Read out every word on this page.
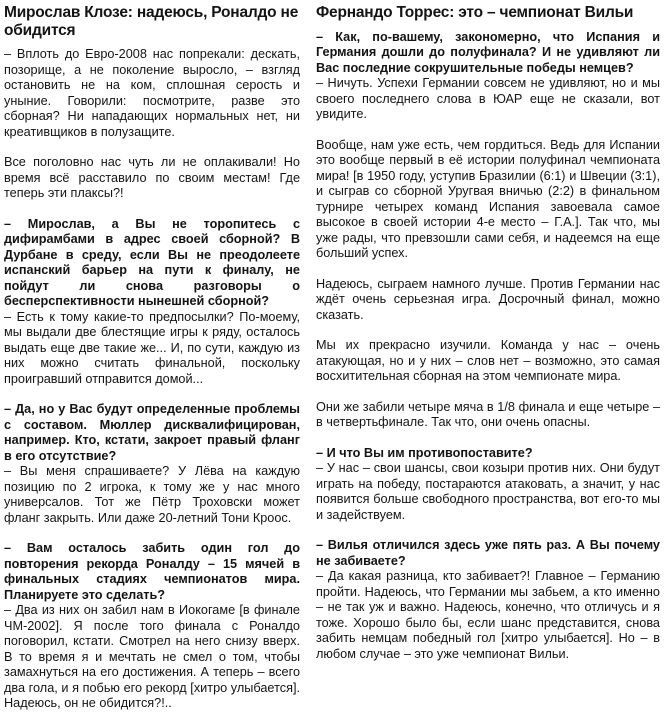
Мирослав Клозе: надеюсь, Роналдо не обидится

– Вплоть до Евро-2008 нас попрекали: дескать, позорище, а не поколение выросло, – взгляд остановить не на ком, сплошная серость и уныние. Говорили: посмотрите, разве это сборная? Ни нападающих нормальных нет, ни креативщиков в полузащите.

Все поголовно нас чуть ли не оплакивали! Но время всё расставило по своим местам! Где теперь эти плаксы?!

– Мирослав, а Вы не торопитесь с дифирамбами в адрес своей сборной? В Дурбане в среду, если Вы не преодолеете испанский барьер на пути к финалу, не пойдут ли снова разговоры о бесперспективности нынешней сборной?

– Есть к тому какие-то предпосылки? По-моему, мы выдали две блестящие игры к ряду, осталось выдать еще две такие же... И, по сути, каждую из них можно считать финальной, поскольку проигравший отправится домой...

– Да, но у Вас будут определенные проблемы с составом. Мюллер дисквалифицирован, например. Кто, кстати, закроет правый фланг в его отсутствие?

– Вы меня спрашиваете? У Лёва на каждую позицию по 2 игрока, к тому же у нас много универсалов. Тот же Пётр Троховски может фланг закрыть. Или даже 20-летний Тони Кроос.

– Вам осталось забить один гол до повторения рекорда Роналду – 15 мячей в финальных стадиях чемпионатов мира. Планируете это сделать?

– Два из них он забил нам в Иокогаме [в финале ЧМ-2002]. Я после того финала с Роналдо поговорил, кстати. Смотрел на него снизу вверх. В то время я и мечтать не смел о том, чтобы замахнуться на его достижения. А теперь – всего два гола, и я побью его рекорд [хитро улыбается]. Надеюсь, он не обидится?!..

Фернандо Торрес: это – чемпионат Вильи

– Как, по-вашему, закономерно, что Испания и Германия дошли до полуфинала? И не удивляют ли Вас последние сокрушительные победы немцев?

– Ничуть. Успехи Германии совсем не удивляют, но и мы своего последнего слова в ЮАР еще не сказали, вот увидите.

Вообще, нам уже есть, чем гордиться. Ведь для Испании это вообще первый в её истории полуфинал чемпионата мира! [в 1950 году, уступив Бразилии (6:1) и Швеции (3:1), и сыграв со сборной Уругвая вничью (2:2) в финальном турнире четырех команд Испания завоевала самое высокое в своей истории 4-е место – Г.А.]. Так что, мы уже рады, что превзошли сами себя, и надеемся на еще больший успех.

Надеюсь, сыграем намного лучше. Против Германии нас ждёт очень серьезная игра. Досрочный финал, можно сказать.

Мы их прекрасно изучили. Команда у нас – очень атакующая, но и у них – слов нет – возможно, это самая восхитительная сборная на этом чемпионате мира.

Они же забили четыре мяча в 1/8 финала и еще четыре – в четвертьфинале. Так что, они очень опасны.

– И что Вы им противопоставите?

– У нас – свои шансы, свои козыри против них. Они будут играть на победу, постараются атаковать, а значит, у нас появится больше свободного пространства, вот его-то мы и задействуем.

– Вилья отличился здесь уже пять раз. А Вы почему не забиваете?

– Да какая разница, кто забивает?! Главное – Германию пройти. Надеюсь, что Германии мы забьем, а кто именно – не так уж и важно. Надеюсь, конечно, что отличусь и я тоже. Хорошо было бы, если шанс представится, снова забить немцам победный гол [хитро улыбается]. Но – в любом случае – это уже чемпионат Вильи.
